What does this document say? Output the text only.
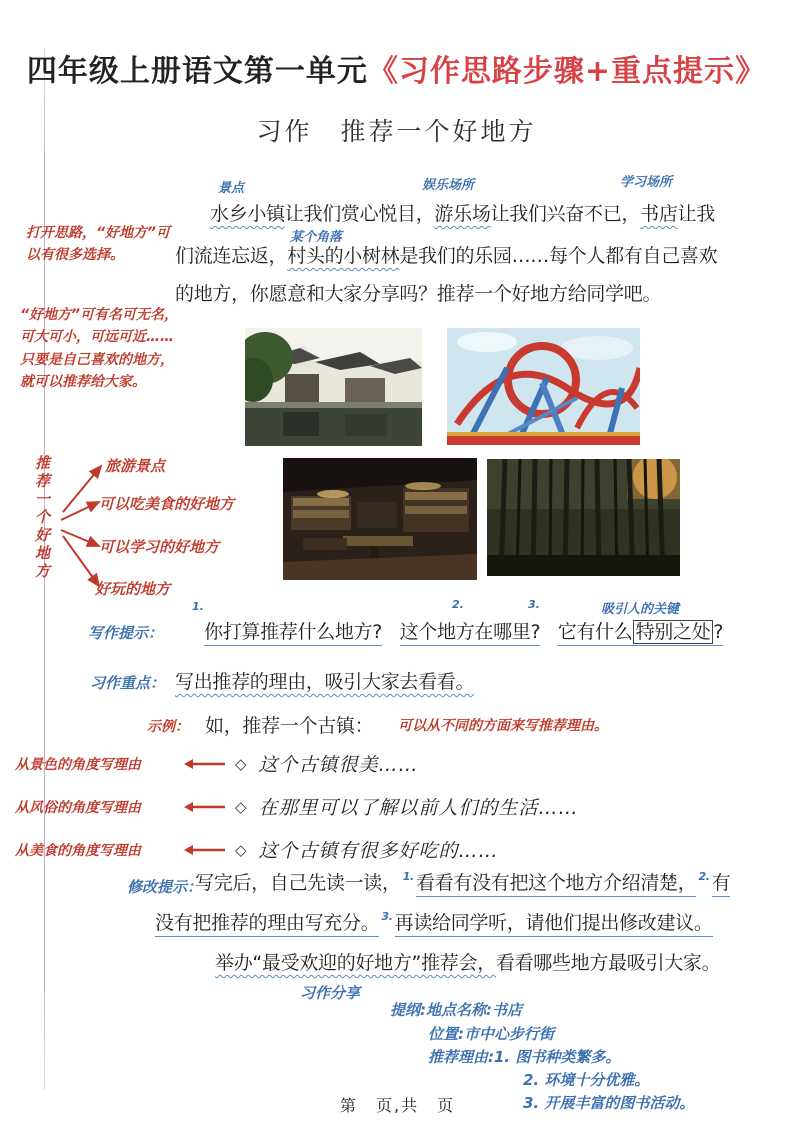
四年级上册语文第一单元《习作思路步骤+重点提示》
习作　推荐一个好地方
景点	娱乐场所	学习场所
某个角落
水乡小镇让我们赏心悦目，游乐场让我们兴奋不已，书店让我
们流连忘返，村头的小树林是我们的乐园……每个人都有自己喜欢
的地方，你愿意和大家分享吗？推荐一个好地方给同学吧。
打开思路，“好地方”可以有很多选择。
“好地方”可有名可无名，可大可小，可远可近……只要是自己喜欢的地方，就可以推荐给大家。
推荐一个好地方	旅游景点
可以吃美食的好地方
可以学习的好地方
好玩的地方
写作提示：
1.	2.	3.	吸引人的关键
你打算推荐什么地方? 这个地方在哪里? 它有什么 特别之处 ?
习作重点： 写出推荐的理由，吸引大家去看看。
示例： 如，推荐一个古镇： 可以从不同的方面来写推荐理由。
从景色的角度写理由	◇ 这个古镇很美……
从风俗的角度写理由	◇ 在那里可以了解以前人们的生活……
从美食的角度写理由	◇ 这个古镇有很多好吃的……
修改提示：
写完后，自己先读一读， $^{1.}$ 看看有没有把这个地方介绍清楚， $^{2.}$ 有
没有把推荐的理由写充分。 $^{3.}$ 再读给同学听，请他们提出修改建议。
举办“最受欢迎的好地方”推荐会，看看哪些地方最吸引大家。
习作分享
提纲:地点名称:书店
位置:市中心步行街
推荐理由:1. 图书种类繁多。
2. 环境十分优雅。
3. 开展丰富的图书活动。
第　页,共　页
